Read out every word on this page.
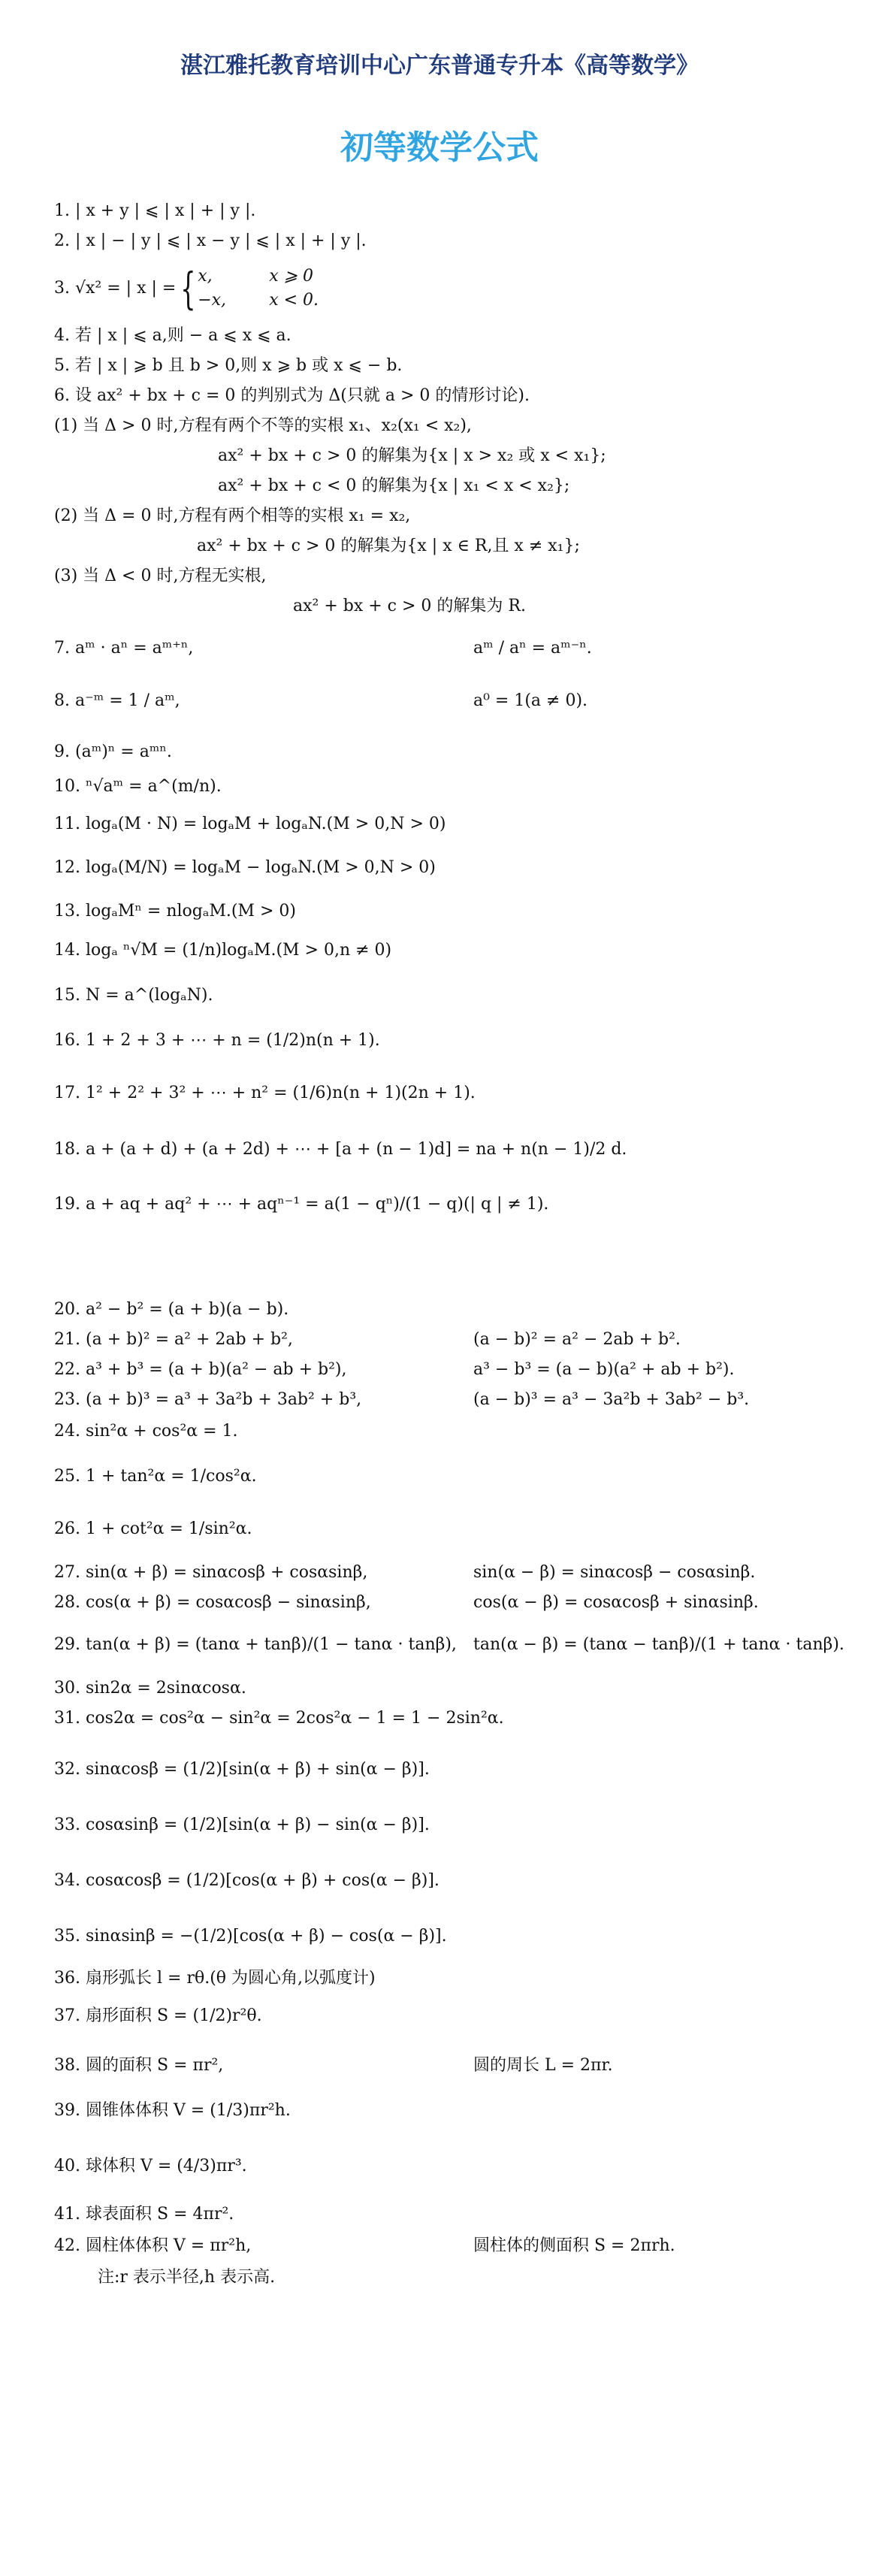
湛江雅托教育培训中心广东普通专升本《高等数学》
初等数学公式
1. | x + y | ⩽ | x | + | y |.
2. | x | − | y | ⩽ | x − y | ⩽ | x | + | y |.
3. √x² = | x | = { x,	x ⩾ 0
−x,	x < 0.
4. 若 | x | ⩽ a,则 − a ⩽ x ⩽ a.
5. 若 | x | ⩾ b 且 b > 0,则 x ⩾ b 或 x ⩽ − b.
6. 设 ax² + bx + c = 0 的判别式为 Δ(只就 a > 0 的情形讨论).
(1) 当 Δ > 0 时,方程有两个不等的实根 x₁、x₂(x₁ < x₂),
ax² + bx + c > 0 的解集为{x | x > x₂ 或 x < x₁};
ax² + bx + c < 0 的解集为{x | x₁ < x < x₂};
(2) 当 Δ = 0 时,方程有两个相等的实根 x₁ = x₂,
ax² + bx + c > 0 的解集为{x | x ∈ R,且 x ≠ x₁};
(3) 当 Δ < 0 时,方程无实根,
ax² + bx + c > 0 的解集为 R.
7. aᵐ · aⁿ = aᵐ⁺ⁿ,	aᵐ / aⁿ = aᵐ⁻ⁿ.
8. a⁻ᵐ = 1 / aᵐ,	a⁰ = 1(a ≠ 0).
9. (aᵐ)ⁿ = aᵐⁿ.
10. ⁿ√aᵐ = a^(m/n).
11. logₐ(M · N) = logₐM + logₐN.(M > 0,N > 0)
12. logₐ(M/N) = logₐM − logₐN.(M > 0,N > 0)
13. logₐMⁿ = nlogₐM.(M > 0)
14. logₐ ⁿ√M = (1/n)logₐM.(M > 0,n ≠ 0)
15. N = a^(logₐN).
16. 1 + 2 + 3 + ⋯ + n = (1/2)n(n + 1).
17. 1² + 2² + 3² + ⋯ + n² = (1/6)n(n + 1)(2n + 1).
18. a + (a + d) + (a + 2d) + ⋯ + [a + (n − 1)d] = na + n(n − 1)/2 d.
19. a + aq + aq² + ⋯ + aqⁿ⁻¹ = a(1 − qⁿ)/(1 − q)(| q | ≠ 1).
20. a² − b² = (a + b)(a − b).
21. (a + b)² = a² + 2ab + b²,	(a − b)² = a² − 2ab + b².
22. a³ + b³ = (a + b)(a² − ab + b²),	a³ − b³ = (a − b)(a² + ab + b²).
23. (a + b)³ = a³ + 3a²b + 3ab² + b³,	(a − b)³ = a³ − 3a²b + 3ab² − b³.
24. sin²α + cos²α = 1.
25. 1 + tan²α = 1/cos²α.
26. 1 + cot²α = 1/sin²α.
27. sin(α + β) = sinαcosβ + cosαsinβ,	sin(α − β) = sinαcosβ − cosαsinβ.
28. cos(α + β) = cosαcosβ − sinαsinβ,	cos(α − β) = cosαcosβ + sinαsinβ.
29. tan(α + β) = (tanα + tanβ)/(1 − tanα · tanβ), tan(α − β) = (tanα − tanβ)/(1 + tanα · tanβ).
30. sin2α = 2sinαcosα.
31. cos2α = cos²α − sin²α = 2cos²α − 1 = 1 − 2sin²α.
32. sinαcosβ = (1/2)[sin(α + β) + sin(α − β)].
33. cosαsinβ = (1/2)[sin(α + β) − sin(α − β)].
34. cosαcosβ = (1/2)[cos(α + β) + cos(α − β)].
35. sinαsinβ = −(1/2)[cos(α + β) − cos(α − β)].
36. 扇形弧长 l = rθ.(θ 为圆心角,以弧度计)
37. 扇形面积 S = (1/2)r²θ.
38. 圆的面积 S = πr²,	圆的周长 L = 2πr.
39. 圆锥体体积 V = (1/3)πr²h.
40. 球体积 V = (4/3)πr³.
41. 球表面积 S = 4πr².
42. 圆柱体体积 V = πr²h,	圆柱体的侧面积 S = 2πrh.
注:r 表示半径,h 表示高.
